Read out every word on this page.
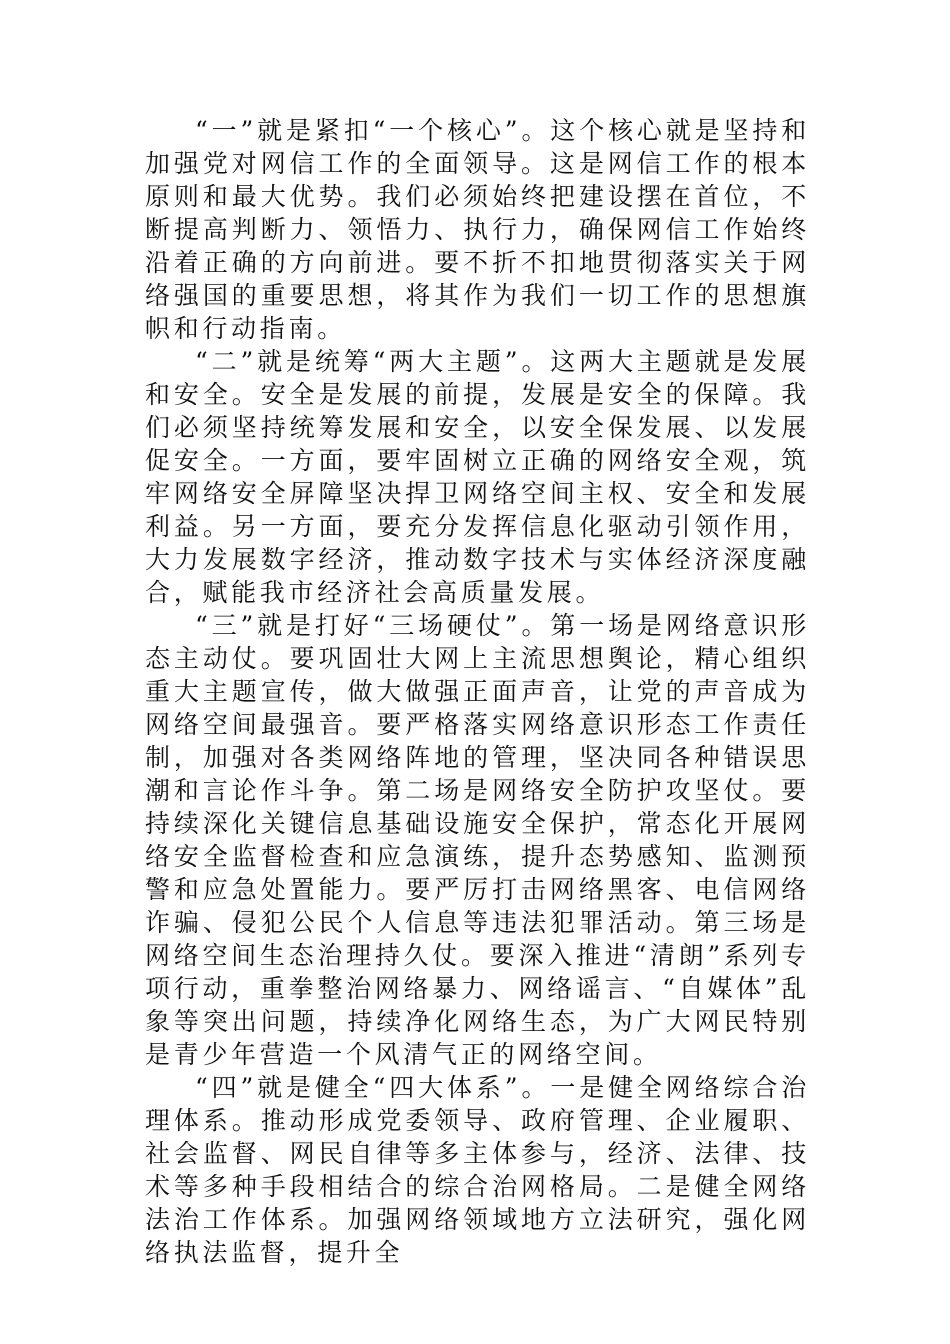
“一”就是紧扣“一个核心”。这个核心就是坚持和加强党对网信工作的全面领导。这是网信工作的根本原则和最大优势。我们必须始终把建设摆在首位，不断提高判断力、领悟力、执行力，确保网信工作始终沿着正确的方向前进。要不折不扣地贯彻落实关于网络强国的重要思想，将其作为我们一切工作的思想旗帜和行动指南。

“二”就是统筹“两大主题”。这两大主题就是发展和安全。安全是发展的前提，发展是安全的保障。我们必须坚持统筹发展和安全，以安全保发展、以发展促安全。一方面，要牢固树立正确的网络安全观，筑牢网络安全屏障坚决捍卫网络空间主权、安全和发展利益。另一方面，要充分发挥信息化驱动引领作用，大力发展数字经济，推动数字技术与实体经济深度融合，赋能我市经济社会高质量发展。

“三”就是打好“三场硬仗”。第一场是网络意识形态主动仗。要巩固壮大网上主流思想舆论，精心组织重大主题宣传，做大做强正面声音，让党的声音成为网络空间最强音。要严格落实网络意识形态工作责任制，加强对各类网络阵地的管理，坚决同各种错误思潮和言论作斗争。第二场是网络安全防护攻坚仗。要持续深化关键信息基础设施安全保护，常态化开展网络安全监督检查和应急演练，提升态势感知、监测预警和应急处置能力。要严厉打击网络黑客、电信网络诈骗、侵犯公民个人信息等违法犯罪活动。第三场是网络空间生态治理持久仗。要深入推进“清朗”系列专项行动，重拳整治网络暴力、网络谣言、“自媒体”乱象等突出问题，持续净化网络生态，为广大网民特别是青少年营造一个风清气正的网络空间。

“四”就是健全“四大体系”。一是健全网络综合治理体系。推动形成党委领导、政府管理、企业履职、社会监督、网民自律等多主体参与，经济、法律、技术等多种手段相结合的综合治网格局。二是健全网络法治工作体系。加强网络领域地方立法研究，强化网络执法监督，提升全
